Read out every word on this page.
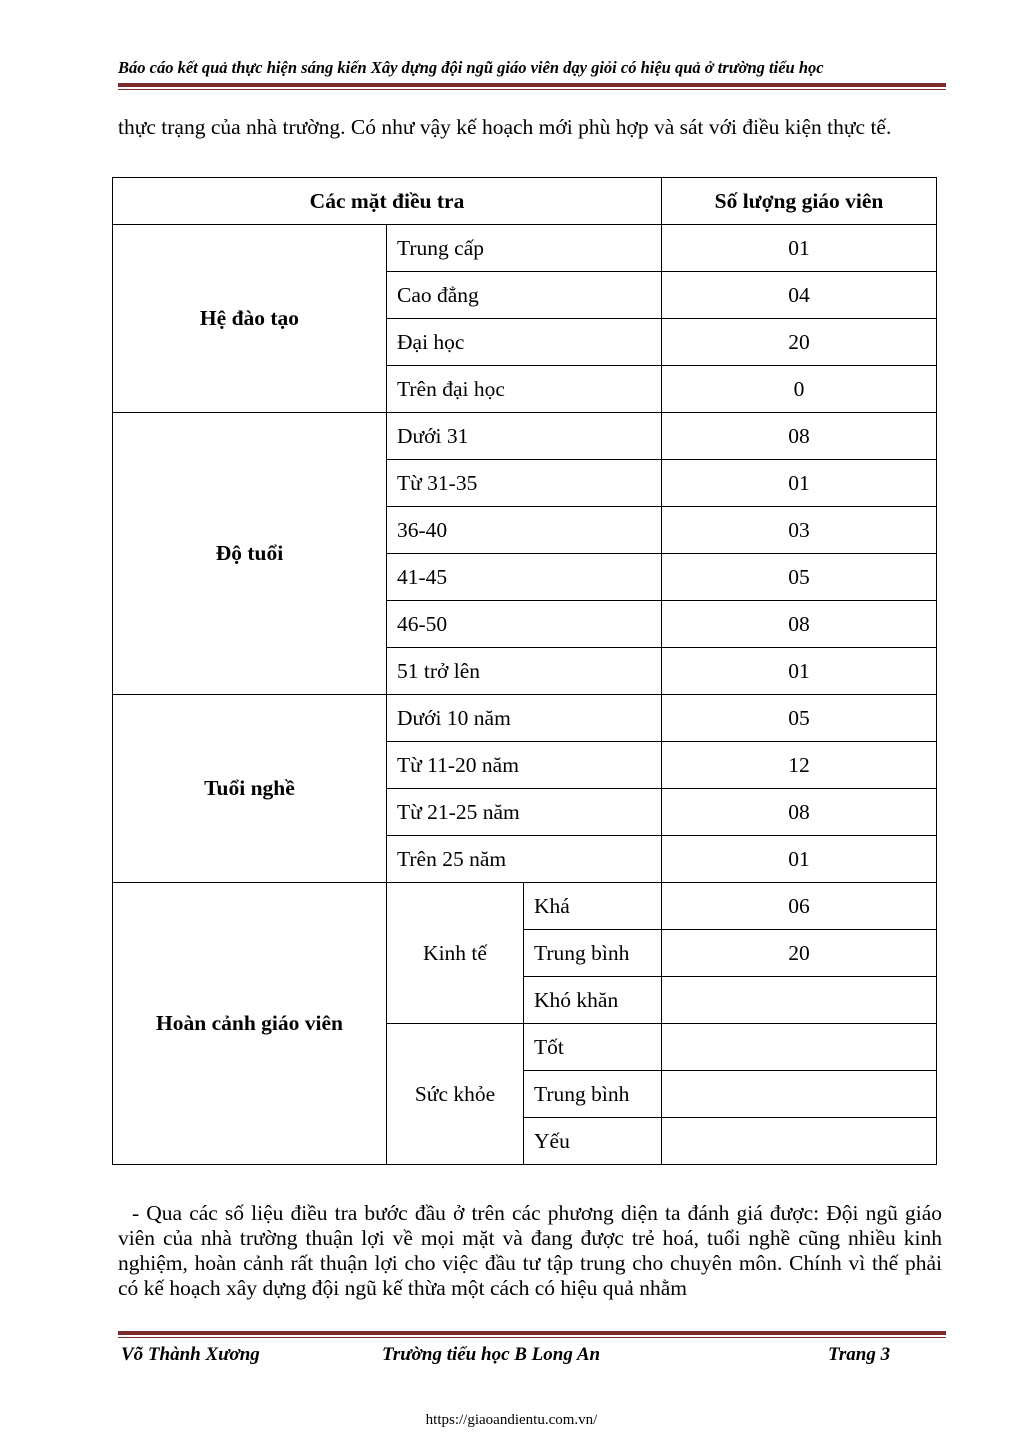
Báo cáo kết quả thực hiện sáng kiến Xây dựng đội ngũ giáo viên dạy giỏi có hiệu quả ở trường tiểu học
thực trạng của nhà trường. Có như vậy kế hoạch mới phù hợp và sát với điều kiện thực tế.
Các mặt điều tra			Số lượng giáo viên
Hệ đào tạo	Trung cấp		01
	Cao đẳng		04
	Đại học		20
	Trên đại học		0
Độ tuổi	Dưới 31		08
	Từ 31-35		01
	36-40		03
	41-45		05
	46-50		08
	51 trở lên		01
Tuổi nghề	Dưới 10 năm		05
	Từ 11-20 năm		12
	Từ 21-25 năm		08
	Trên 25 năm		01
Hoàn cảnh giáo viên	Kinh tế	Khá	06
		Trung bình	20
		Khó khăn	
	Sức khỏe	Tốt	
		Trung bình	
		Yếu	
- Qua các số liệu điều tra bước đầu ở trên các phương diện ta đánh giá được: Đội ngũ giáo viên của nhà trường thuận lợi về mọi mặt và đang được trẻ hoá, tuổi nghề cũng nhiều kinh nghiệm, hoàn cảnh rất thuận lợi cho việc đầu tư tập trung cho chuyên môn. Chính vì thế phải có kế hoạch xây dựng đội ngũ kế thừa một cách có hiệu quả nhằm
Võ Thành Xương	Trường tiểu học B Long An	Trang 3
https://giaoandientu.com.vn/
